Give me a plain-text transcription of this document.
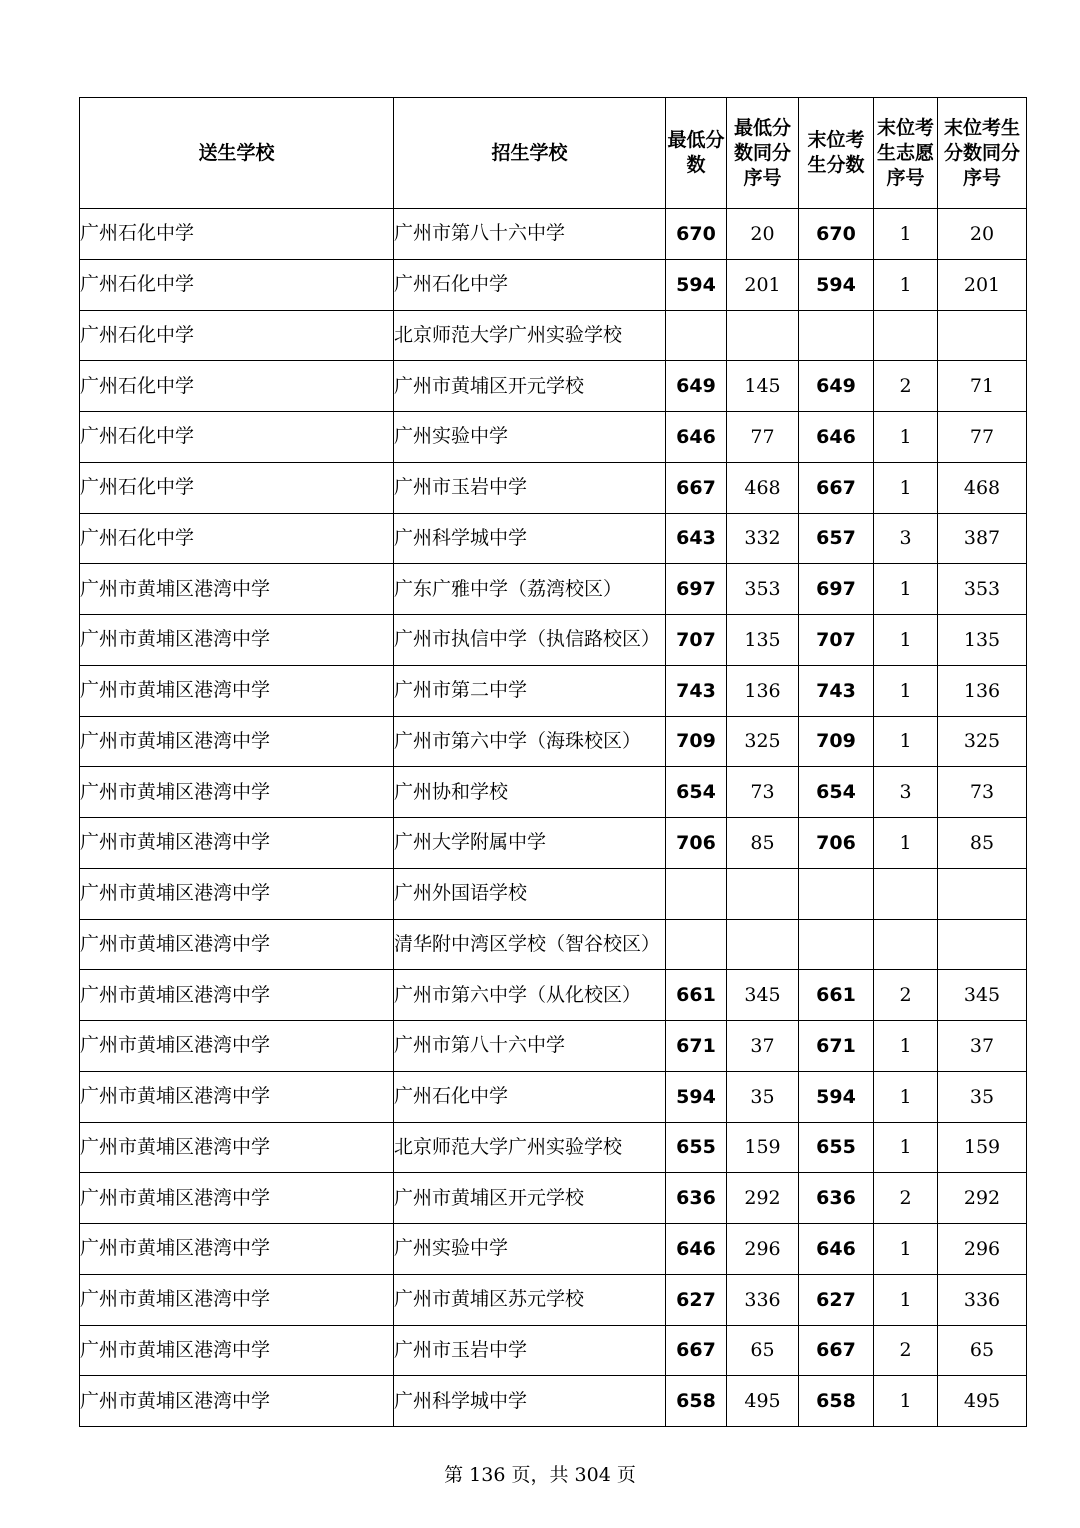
送生学校	招生学校	最低分数	最低分数同分序号	末位考生分数	末位考生志愿序号	末位考生分数同分序号
广州石化中学	广州市第八十六中学	670	20	670	1	20
广州石化中学	广州石化中学	594	201	594	1	201
广州石化中学	北京师范大学广州实验学校					
广州石化中学	广州市黄埔区开元学校	649	145	649	2	71
广州石化中学	广州实验中学	646	77	646	1	77
广州石化中学	广州市玉岩中学	667	468	667	1	468
广州石化中学	广州科学城中学	643	332	657	3	387
广州市黄埔区港湾中学	广东广雅中学（荔湾校区）	697	353	697	1	353
广州市黄埔区港湾中学	广州市执信中学（执信路校区）	707	135	707	1	135
广州市黄埔区港湾中学	广州市第二中学	743	136	743	1	136
广州市黄埔区港湾中学	广州市第六中学（海珠校区）	709	325	709	1	325
广州市黄埔区港湾中学	广州协和学校	654	73	654	3	73
广州市黄埔区港湾中学	广州大学附属中学	706	85	706	1	85
广州市黄埔区港湾中学	广州外国语学校					
广州市黄埔区港湾中学	清华附中湾区学校（智谷校区）					
广州市黄埔区港湾中学	广州市第六中学（从化校区）	661	345	661	2	345
广州市黄埔区港湾中学	广州市第八十六中学	671	37	671	1	37
广州市黄埔区港湾中学	广州石化中学	594	35	594	1	35
广州市黄埔区港湾中学	北京师范大学广州实验学校	655	159	655	1	159
广州市黄埔区港湾中学	广州市黄埔区开元学校	636	292	636	2	292
广州市黄埔区港湾中学	广州实验中学	646	296	646	1	296
广州市黄埔区港湾中学	广州市黄埔区苏元学校	627	336	627	1	336
广州市黄埔区港湾中学	广州市玉岩中学	667	65	667	2	65
广州市黄埔区港湾中学	广州科学城中学	658	495	658	1	495
第 136 页，共 304 页
